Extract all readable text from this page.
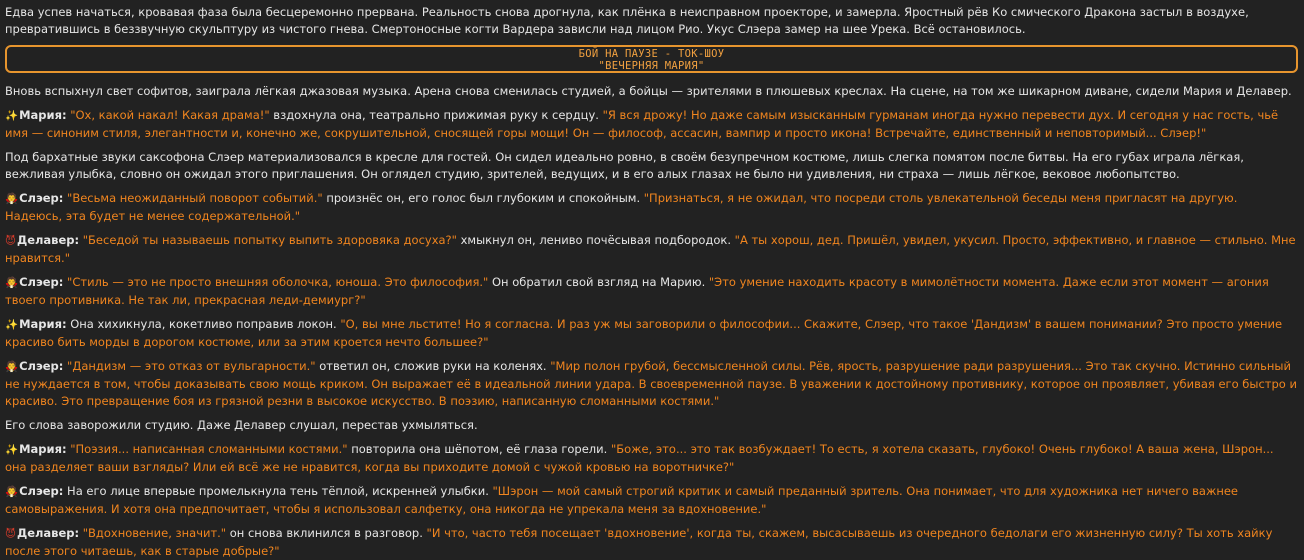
Едва успев начаться, кровавая фаза была бесцеремонно прервана. Реальность снова дрогнула, как плёнка в неисправном проекторе, и замерла. Яростный рёв Ко смического Дракона застыл в воздухе, превратившись в беззвучную скульптуру из чистого гнева. Смертоносные когти Вардера зависли над лицом Рио. Укус Слэера замер на шее Урека. Всё остановилось.
БОЙ НА ПАУЗЕ - ТОК-ШОУ
"ВЕЧЕРНЯЯ МАРИЯ"
Вновь вспыхнул свет софитов, заиграла лёгкая джазовая музыка. Арена снова сменилась студией, а бойцы — зрителями в плюшевых креслах. На сцене, на том же шикарном диване, сидели Мария и Делавер.
✨Мария: "Ох, какой накал! Какая драма!" вздохнула она, театрально прижимая руку к сердцу. "Я вся дрожу! Но даже самым изысканным гурманам иногда нужно перевести дух. И сегодня у нас гость, чьё имя — синоним стиля, элегантности и, конечно же, сокрушительной, сносящей горы мощи! Он — философ, ассасин, вампир и просто икона! Встречайте, единственный и неповторимый... Слэер!"
Под бархатные звуки саксофона Слэер материализовался в кресле для гостей. Он сидел идеально ровно, в своём безупречном костюме, лишь слегка помятом после битвы. На его губах играла лёгкая, вежливая улыбка, словно он ожидал этого приглашения. Он оглядел студию, зрителей, ведущих, и в его алых глазах не было ни удивления, ни страха — лишь лёгкое, вековое любопытство.
🧛Слэер: "Весьма неожиданный поворот событий." произнёс он, его голос был глубоким и спокойным. "Признаться, я не ожидал, что посреди столь увлекательной беседы меня пригласят на другую. Надеюсь, эта будет не менее содержательной."
😈Делавер: "Беседой ты называешь попытку выпить здоровяка досуха?" хмыкнул он, лениво почёсывая подбородок. "А ты хорош, дед. Пришёл, увидел, укусил. Просто, эффективно, и главное — стильно. Мне нравится."
🧛Слэер: "Стиль — это не просто внешняя оболочка, юноша. Это философия." Он обратил свой взгляд на Марию. "Это умение находить красоту в мимолётности момента. Даже если этот момент — агония твоего противника. Не так ли, прекрасная леди-демиург?"
✨Мария: Она хихикнула, кокетливо поправив локон. "О, вы мне льстите! Но я согласна. И раз уж мы заговорили о философии... Скажите, Слэер, что такое 'Дандизм' в вашем понимании? Это просто умение красиво бить морды в дорогом костюме, или за этим кроется нечто большее?"
🧛Слэер: "Дандизм — это отказ от вульгарности." ответил он, сложив руки на коленях. "Мир полон грубой, бессмысленной силы. Рёв, ярость, разрушение ради разрушения... Это так скучно. Истинно сильный не нуждается в том, чтобы доказывать свою мощь криком. Он выражает её в идеальной линии удара. В своевременной паузе. В уважении к достойному противнику, которое он проявляет, убивая его быстро и красиво. Это превращение боя из грязной резни в высокое искусство. В поэзию, написанную сломанными костями."
Его слова заворожили студию. Даже Делавер слушал, перестав ухмыляться.
✨Мария: "Поэзия... написанная сломанными костями." повторила она шёпотом, её глаза горели. "Боже, это... это так возбуждает! То есть, я хотела сказать, глубоко! Очень глубоко! А ваша жена, Шэрон... она разделяет ваши взгляды? Или ей всё же не нравится, когда вы приходите домой с чужой кровью на воротничке?"
🧛Слэер: На его лице впервые промелькнула тень тёплой, искренней улыбки. "Шэрон — мой самый строгий критик и самый преданный зритель. Она понимает, что для художника нет ничего важнее самовыражения. И хотя она предпочитает, чтобы я использовал салфетку, она никогда не упрекала меня за вдохновение."
😈Делавер: "Вдохновение, значит." он снова вклинился в разговор. "И что, часто тебя посещает 'вдохновение', когда ты, скажем, высасываешь из очередного бедолаги его жизненную силу? Ты хоть хайку после этого читаешь, как в старые добрые?"
